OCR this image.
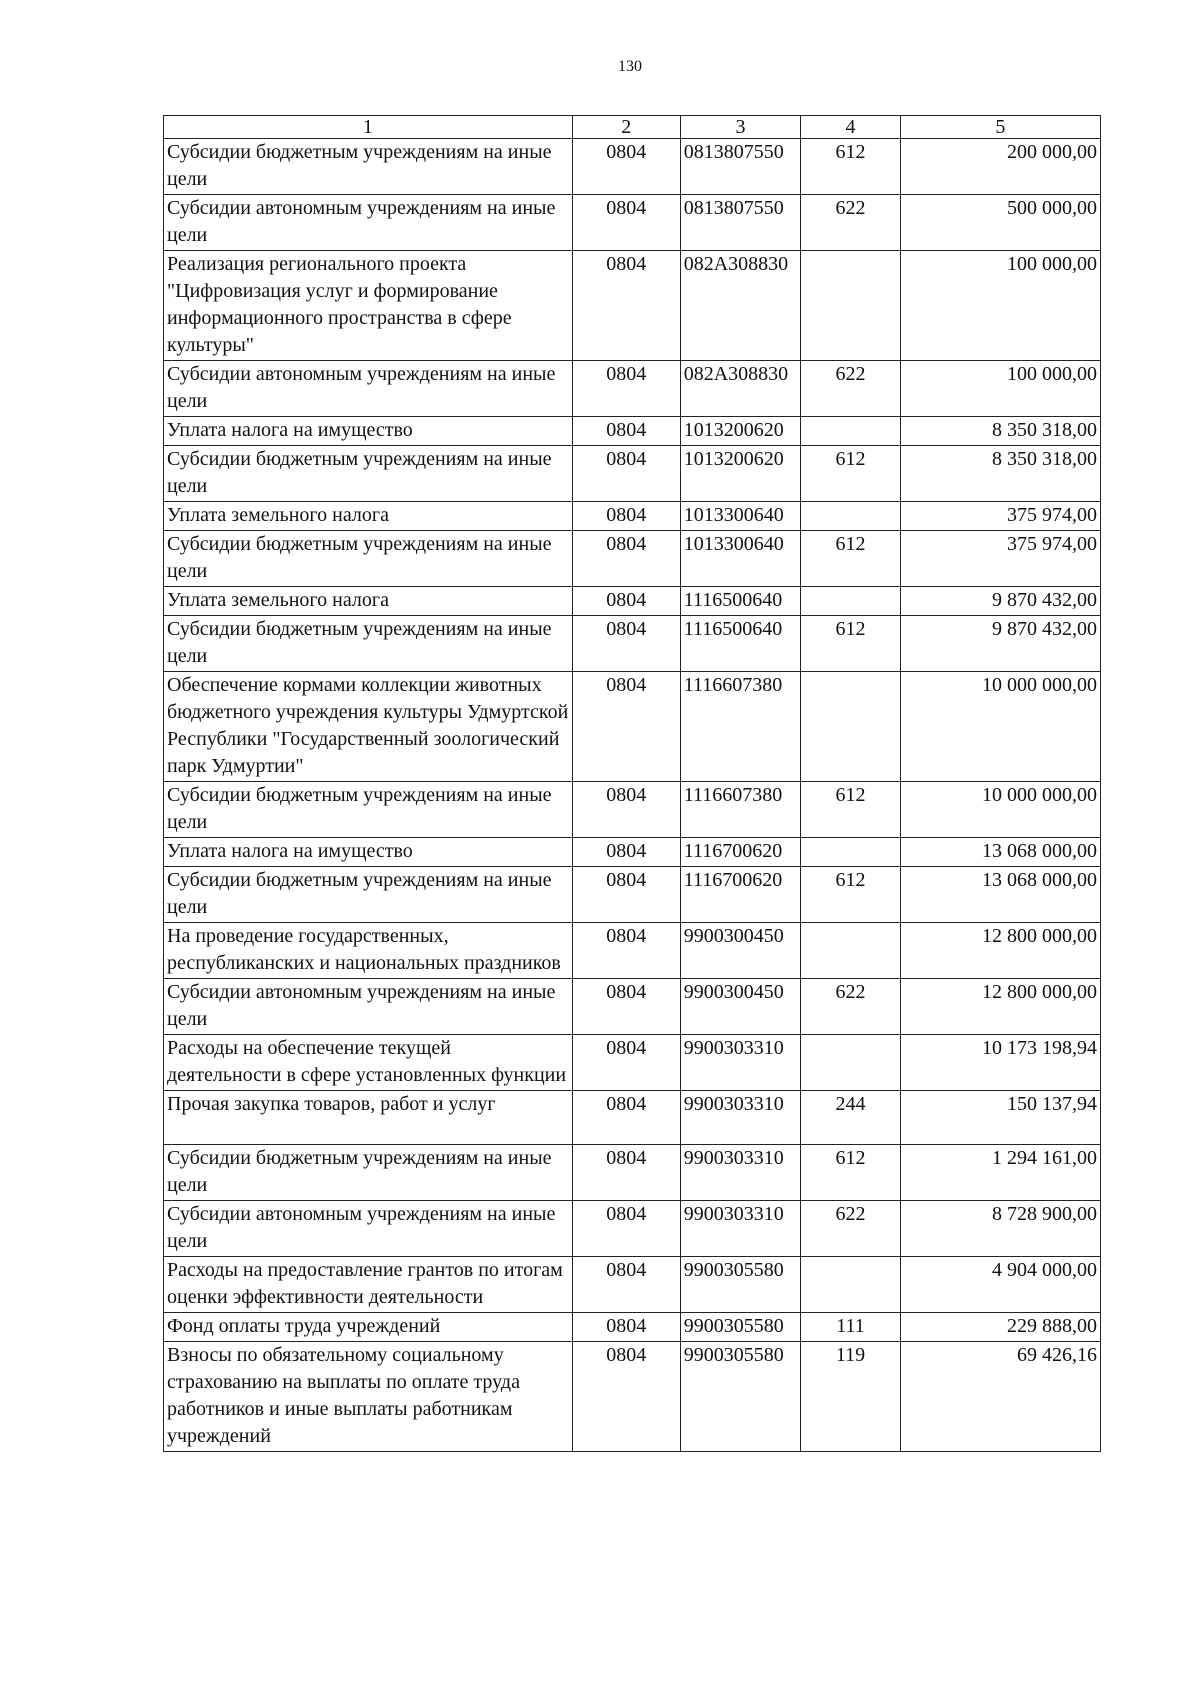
130
1	2	3	4	5
Субсидии бюджетным учреждениям на иные цели	0804	0813807550	612	200 000,00
Субсидии автономным учреждениям на иные цели	0804	0813807550	622	500 000,00
Реализация регионального проекта "Цифровизация услуг и формирование информационного пространства в сфере культуры"	0804	082A308830		100 000,00
Субсидии автономным учреждениям на иные цели	0804	082A308830	622	100 000,00
Уплата налога на имущество	0804	1013200620		8 350 318,00
Субсидии бюджетным учреждениям на иные цели	0804	1013200620	612	8 350 318,00
Уплата земельного налога	0804	1013300640		375 974,00
Субсидии бюджетным учреждениям на иные цели	0804	1013300640	612	375 974,00
Уплата земельного налога	0804	1116500640		9 870 432,00
Субсидии бюджетным учреждениям на иные цели	0804	1116500640	612	9 870 432,00
Обеспечение кормами коллекции животных бюджетного учреждения культуры Удмуртской Республики "Государственный зоологический парк Удмуртии"	0804	1116607380		10 000 000,00
Субсидии бюджетным учреждениям на иные цели	0804	1116607380	612	10 000 000,00
Уплата налога на имущество	0804	1116700620		13 068 000,00
Субсидии бюджетным учреждениям на иные цели	0804	1116700620	612	13 068 000,00
На проведение государственных, республиканских и национальных праздников	0804	9900300450		12 800 000,00
Субсидии автономным учреждениям на иные цели	0804	9900300450	622	12 800 000,00
Расходы на обеспечение текущей деятельности в сфере установленных функции	0804	9900303310		10 173 198,94
Прочая закупка товаров, работ и услуг	0804	9900303310	244	150 137,94
Субсидии бюджетным учреждениям на иные цели	0804	9900303310	612	1 294 161,00
Субсидии автономным учреждениям на иные цели	0804	9900303310	622	8 728 900,00
Расходы на предоставление грантов по итогам оценки эффективности деятельности	0804	9900305580		4 904 000,00
Фонд оплаты труда учреждений	0804	9900305580	111	229 888,00
Взносы по обязательному социальному страхованию на выплаты по оплате труда работников и иные выплаты работникам учреждений	0804	9900305580	119	69 426,16
